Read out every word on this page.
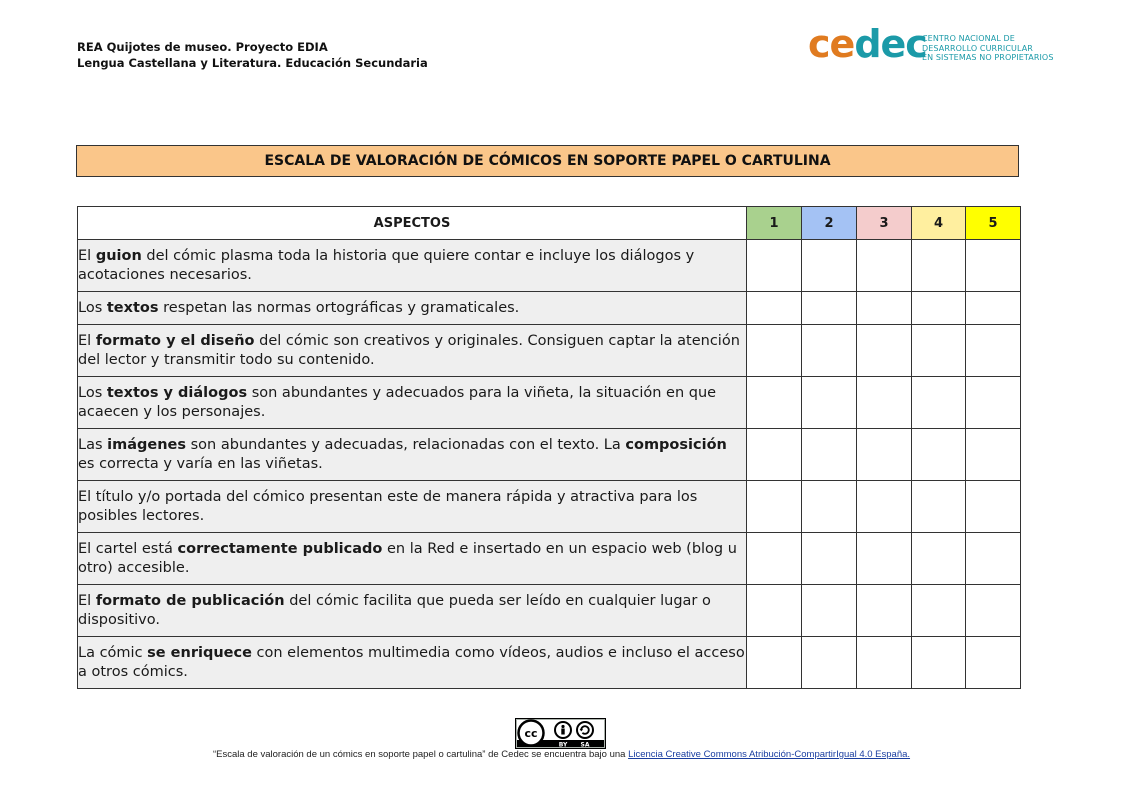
REA Quijotes de museo. Proyecto EDIA
Lengua Castellana y Literatura. Educación Secundaria	cedec
CENTRO NACIONAL DE
DESARROLLO CURRICULAR
EN SISTEMAS NO PROPIETARIOS
ESCALA DE VALORACIÓN DE CÓMICOS EN SOPORTE PAPEL O CARTULINA
ASPECTOS	1	2	3	4	5
El guion del cómic plasma toda la historia que quiere contar e incluye los diálogos y acotaciones necesarios.					
Los textos respetan las normas ortográficas y gramaticales.					
El formato y el diseño del cómic son creativos y originales. Consiguen captar la atención del lector y transmitir todo su contenido.					
Los textos y diálogos son abundantes y adecuados para la viñeta, la situación en que acaecen y los personajes.					
Las imágenes son abundantes y adecuadas, relacionadas con el texto. La composición es correcta y varía en las viñetas.					
El título y/o portada del cómico presentan este de manera rápida y atractiva para los posibles lectores.					
El cartel está correctamente publicado en la Red e insertado en un espacio web (blog u otro) accesible.					
El formato de publicación del cómic facilita que pueda ser leído en cualquier lugar o dispositivo.					
La cómic se enriquece con elementos multimedia como vídeos, audios e incluso el acceso a otros cómics.					
cc
BY SA
“Escala de valoración de un cómics en soporte papel o cartulina” de Cedec se encuentra bajo una Licencia Creative Commons Atribución-CompartirIgual 4.0 España.
